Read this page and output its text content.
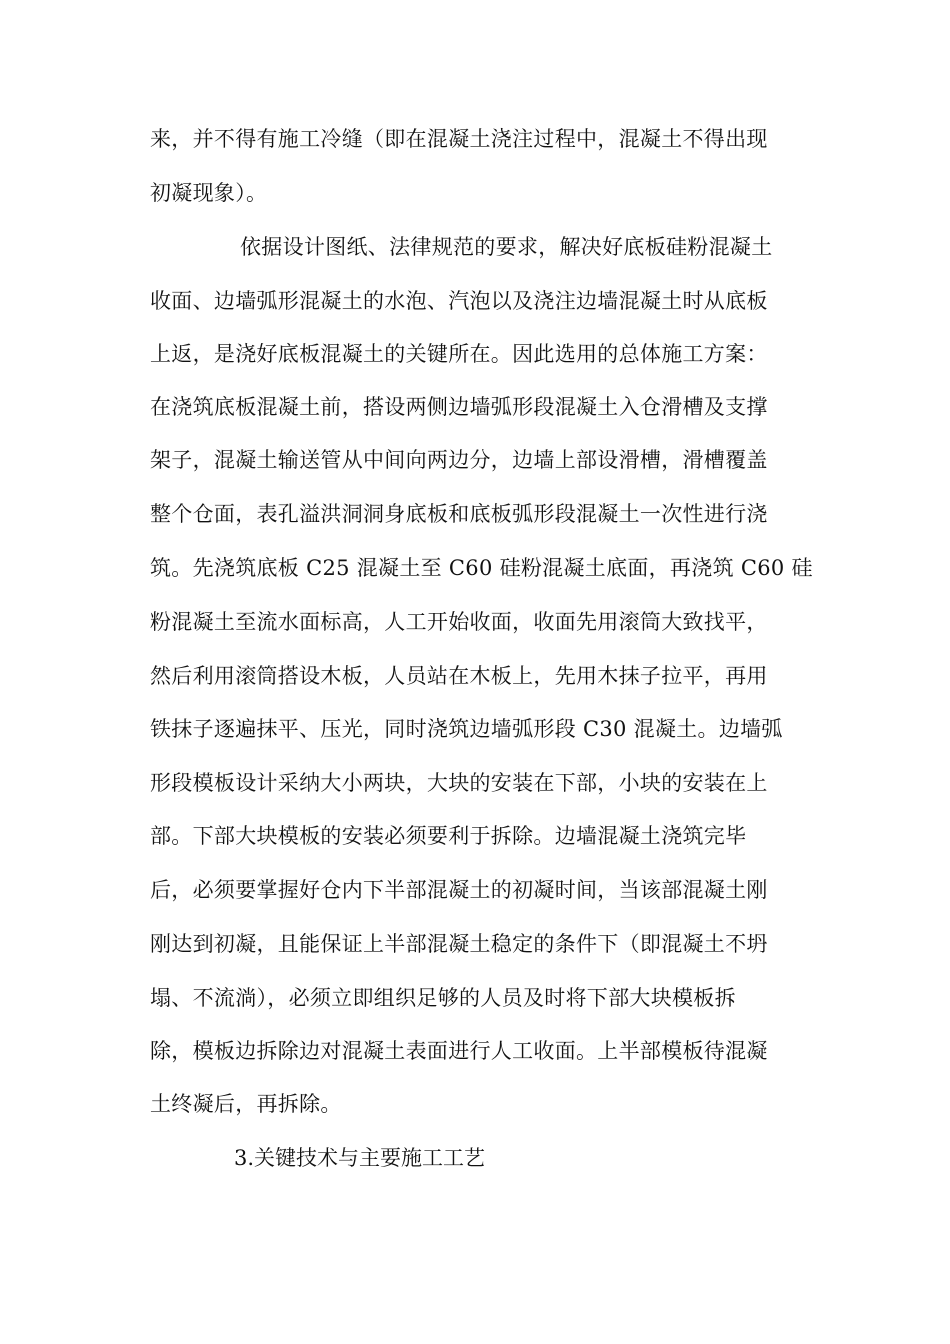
来，并不得有施工冷缝（即在混凝土浇注过程中，混凝土不得出现
初凝现象）。
依据设计图纸、法律规范的要求，解决好底板硅粉混凝土
收面、边墙弧形混凝土的水泡、汽泡以及浇注边墙混凝土时从底板
上返，是浇好底板混凝土的关键所在。因此选用的总体施工方案：
在浇筑底板混凝土前，搭设两侧边墙弧形段混凝土入仓滑槽及支撑
架子，混凝土输送管从中间向两边分，边墙上部设滑槽，滑槽覆盖
整个仓面，表孔溢洪洞洞身底板和底板弧形段混凝土一次性进行浇
筑。先浇筑底板 C25 混凝土至 C60 硅粉混凝土底面，再浇筑 C60 硅
粉混凝土至流水面标高，人工开始收面，收面先用滚筒大致找平，
然后利用滚筒搭设木板，人员站在木板上，先用木抹子拉平，再用
铁抹子逐遍抹平、压光，同时浇筑边墙弧形段 C30 混凝土。边墙弧
形段模板设计采纳大小两块，大块的安装在下部，小块的安装在上
部。下部大块模板的安装必须要利于拆除。边墙混凝土浇筑完毕
后，必须要掌握好仓内下半部混凝土的初凝时间，当该部混凝土刚
刚达到初凝，且能保证上半部混凝土稳定的条件下（即混凝土不坍
塌、不流淌），必须立即组织足够的人员及时将下部大块模板拆
除，模板边拆除边对混凝土表面进行人工收面。上半部模板待混凝
土终凝后，再拆除。
3.关键技术与主要施工工艺
